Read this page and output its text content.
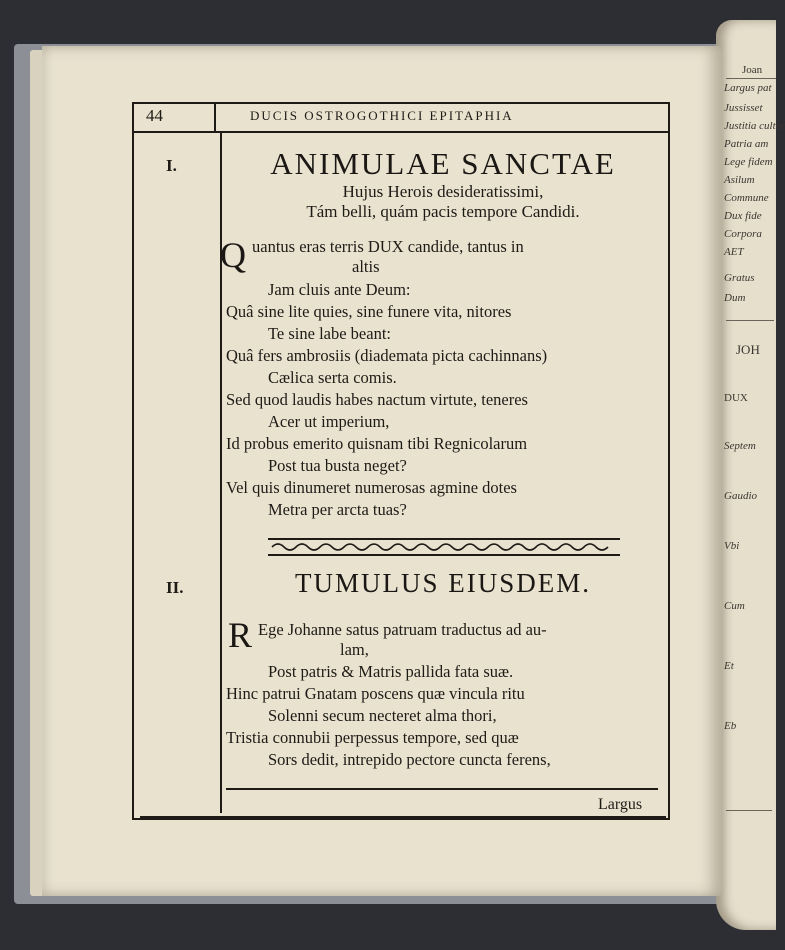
Joan
Largus pat
Jussisset
Justitia cultor
Patria am
Lege fidem
Asilum
Commune
Dux fide
Corpora
AET
Gratus
Dum
JOH
DUX
Septem
Gaudio
Vbi
Cum
Et
Eb
44	DUCIS OSTROGOTHICI EPITAPHIA
I.	ANIMULAE SANCTAE
Hujus Herois desideratissimi,
Tám belli, quám pacis tempore Candidi.
Q uantus eras terris DUX candide, tantus in
altis
Jam cluis ante Deum:
Quâ sine lite quies, sine funere vita, nitores
Te sine labe beant:
Quâ fers ambrosiis (diademata picta cachinnans)
Cælica serta comis.
Sed quod laudis habes nactum virtute, teneres
Acer ut imperium,
Id probus emerito quisnam tibi Regnicolarum
Post tua busta neget?
Vel quis dinumeret numerosas agmine dotes
Metra per arcta tuas?
II.	TUMULUS EIUSDEM.
R Ege Johanne satus patruam traductus ad au-
lam,
Post patris & Matris pallida fata suæ.
Hinc patrui Gnatam poscens quæ vincula ritu
Solenni secum necteret alma thori,
Tristia connubii perpessus tempore, sed quæ
Sors dedit, intrepido pectore cuncta ferens,
Largus
